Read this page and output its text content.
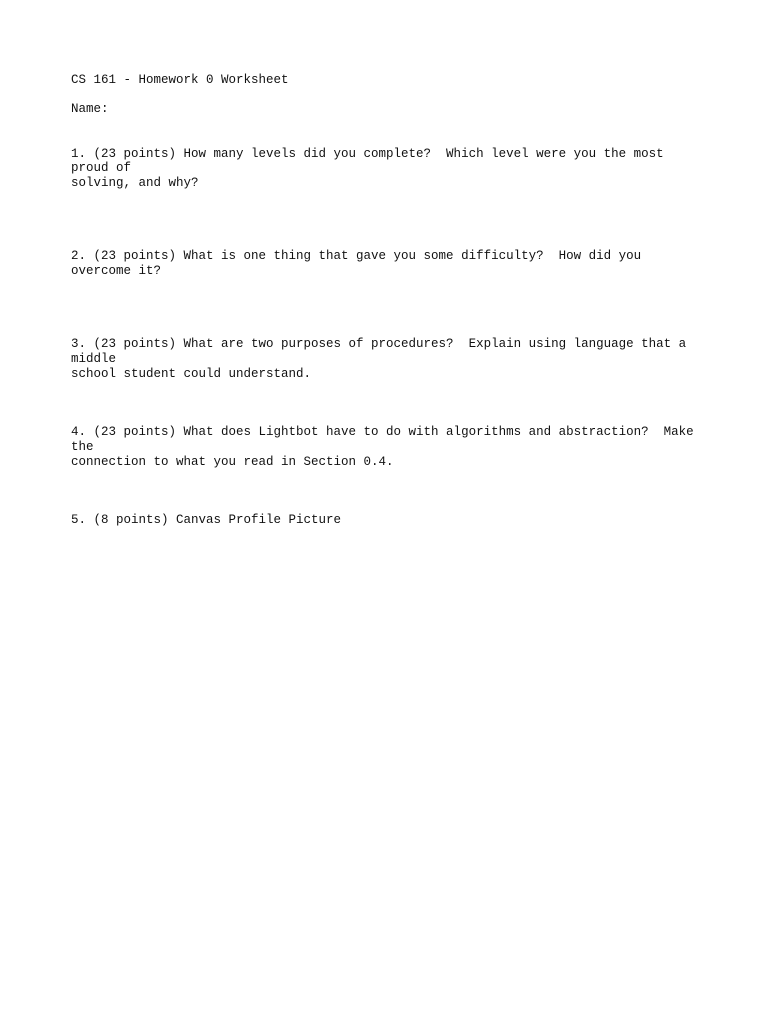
CS 161 - Homework 0 Worksheet

Name:

1. (23 points) How many levels did you complete?  Which level were you the most

proud of

solving, and why?

2. (23 points) What is one thing that gave you some difficulty?  How did you

overcome it?

3. (23 points) What are two purposes of procedures?  Explain using language that a

middle

school student could understand.

4. (23 points) What does Lightbot have to do with algorithms and abstraction?  Make

the

connection to what you read in Section 0.4.

5. (8 points) Canvas Profile Picture
